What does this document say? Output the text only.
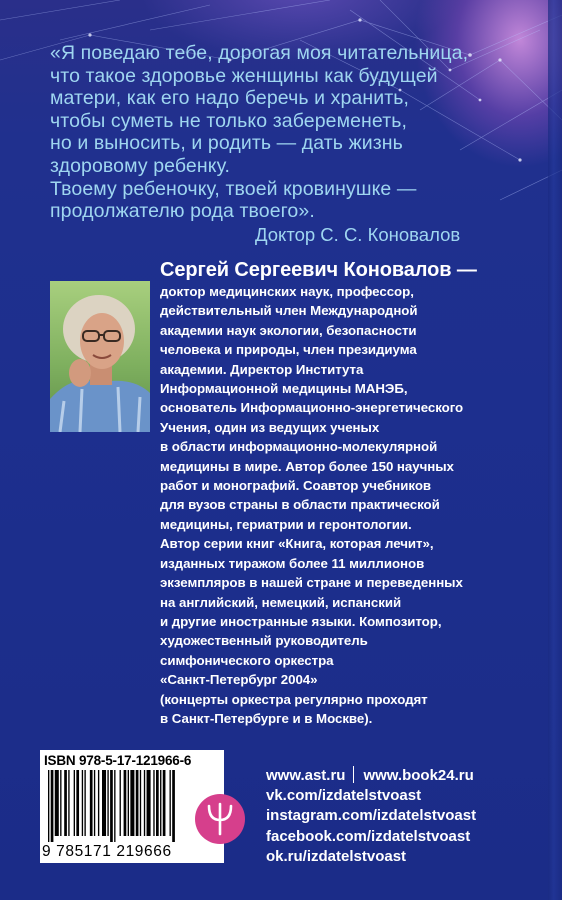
«Я поведаю тебе, дорогая моя читательница,
что такое здоровье женщины как будущей
матери, как его надо беречь и хранить,
чтобы суметь не только забеременеть,
но и выносить, и родить — дать жизнь
здоровому ребенку.
Твоему ребеночку, твоей кровинушке —
продолжателю рода твоего».
Доктор С. С. Коновалов
Сергей Сергеевич Коновалов —
доктор медицинских наук, профессор,
действительный член Международной
академии наук экологии, безопасности
человека и природы, член президиума
академии. Директор Института
Информационной медицины МАНЭБ,
основатель Информационно-энергетического
Учения, один из ведущих ученых
в области информационно-молекулярной
медицины в мире. Автор более 150 научных
работ и монографий. Соавтор учебников
для вузов страны в области практической
медицины, гериатрии и геронтологии.
Автор серии книг «Книга, которая лечит»,
изданных тиражом более 11 миллионов
экземпляров в нашей стране и переведенных
на английский, немецкий, испанский
и другие иностранные языки. Композитор,
художественный руководитель
симфонического оркестра
«Санкт-Петербург 2004»
(концерты оркестра регулярно проходят
в Санкт-Петербурге и в Москве).
ISBN 978-5-17-121966-6
9 785171 219666
www.ast.ru www.book24.ru
vk.com/izdatelstvoast
instagram.com/izdatelstvoast
facebook.com/izdatelstvoast
ok.ru/izdatelstvoast
